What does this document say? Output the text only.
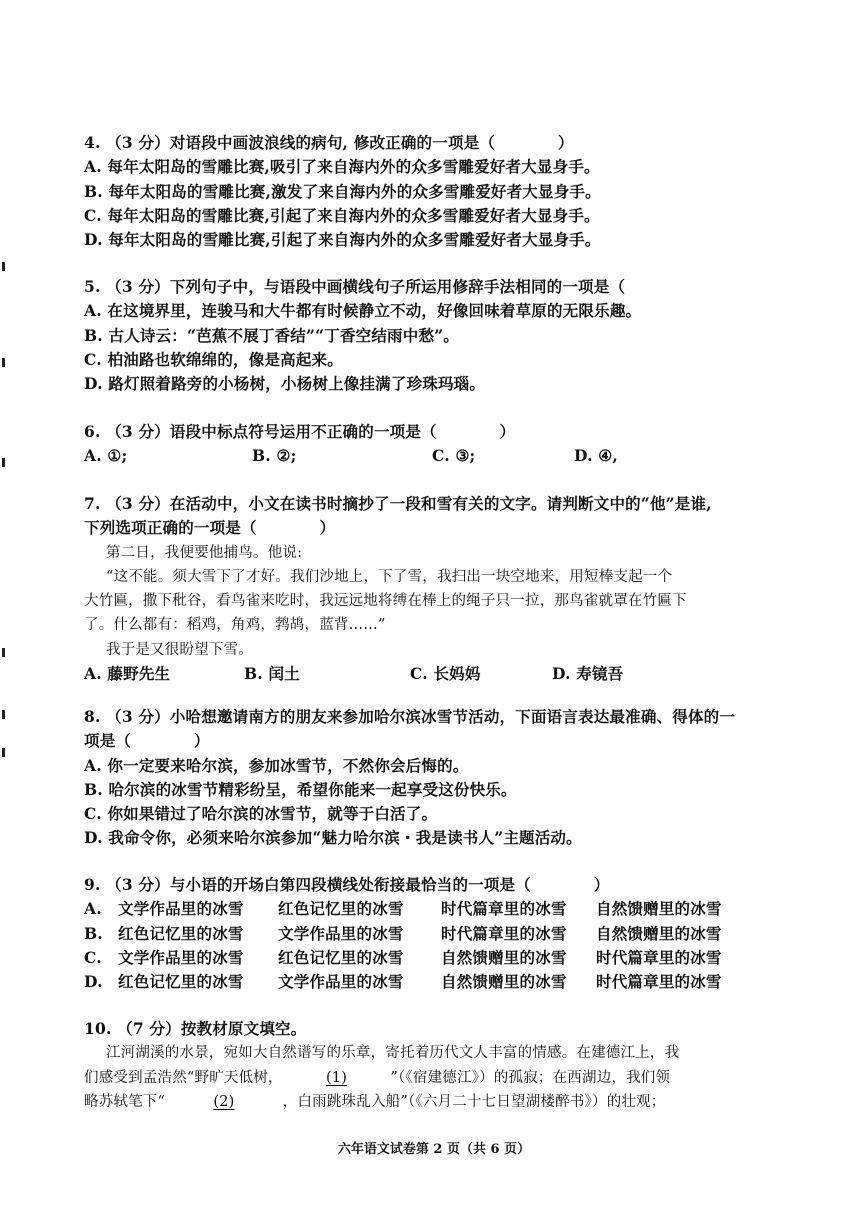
4. （3 分）对语段中画波浪线的病句, 修改正确的一项是（　　　　）
A. 每年太阳岛的雪雕比赛,吸引了来自海内外的众多雪雕爱好者大显身手。
B. 每年太阳岛的雪雕比赛,激发了来自海内外的众多雪雕爱好者大显身手。
C. 每年太阳岛的雪雕比赛,引起了来自海内外的众多雪雕爱好者大显身手。
D. 每年太阳岛的雪雕比赛,引起了来自海内外的众多雪雕爱好者大显身手。
5. （3 分）下列句子中，与语段中画横线句子所运用修辞手法相同的一项是（
A. 在这境界里，连骏马和大牛都有时候静立不动，好像回味着草原的无限乐趣。
B. 古人诗云：“芭蕉不展丁香结”“丁香空结雨中愁”。
C. 柏油路也软绵绵的，像是高起来。
D. 路灯照着路旁的小杨树，小杨树上像挂满了珍珠玛瑙。
6. （3 分）语段中标点符号运用不正确的一项是（　　　　）
A. ①;	B. ②;	C. ③;	D. ④,
7. （3 分）在活动中，小文在读书时摘抄了一段和雪有关的文字。请判断文中的“他”是谁,
下列选项正确的一项是（　　　　）
第二日，我便要他捕鸟。他说:
“这不能。须大雪下了才好。我们沙地上，下了雪，我扫出一块空地来，用短棒支起一个
大竹匾，撒下秕谷，看鸟雀来吃时，我远远地将缚在棒上的绳子只一拉，那鸟雀就罩在竹匾下
了。什么都有：稻鸡，角鸡，鹁鸪，蓝背……”
我于是又很盼望下雪。
A. 藤野先生	B. 闰土	C. 长妈妈	D. 寿镜吾
8. （3 分）小哈想邀请南方的朋友来参加哈尔滨冰雪节活动，下面语言表达最准确、得体的一
项是（　　　　）
A. 你一定要来哈尔滨，参加冰雪节，不然你会后悔的。
B. 哈尔滨的冰雪节精彩纷呈，希望你能来一起享受这份快乐。
C. 你如果错过了哈尔滨的冰雪节，就等于白活了。
D. 我命令你，必须来哈尔滨参加“魅力哈尔滨・我是读书人”主题活动。
9. （3 分）与小语的开场白第四段横线处衔接最恰当的一项是（　　　　）
A.	文学作品里的冰雪	红色记忆里的冰雪	时代篇章里的冰雪	自然馈赠里的冰雪
B. 红色记忆里的冰雪	文学作品里的冰雪	时代篇章里的冰雪	自然馈赠里的冰雪
C.	文学作品里的冰雪	红色记忆里的冰雪	自然馈赠里的冰雪	时代篇章里的冰雪
D. 红色记忆里的冰雪	文学作品里的冰雪	自然馈赠里的冰雪	时代篇章里的冰雪
10. （7 分）按教材原文填空。
江河湖溪的水景，宛如大自然谱写的乐章，寄托着历代文人丰富的情感。在建德江上，我
们感受到孟浩然“野旷天低树，	(1)	”（《宿建德江》）的孤寂；在西湖边，我们领
略苏轼笔下“	(2)	，白雨跳珠乱入船”（《六月二十七日望湖楼醉书》）的壮观；
六年语文试卷第 2 页（共 6 页）
